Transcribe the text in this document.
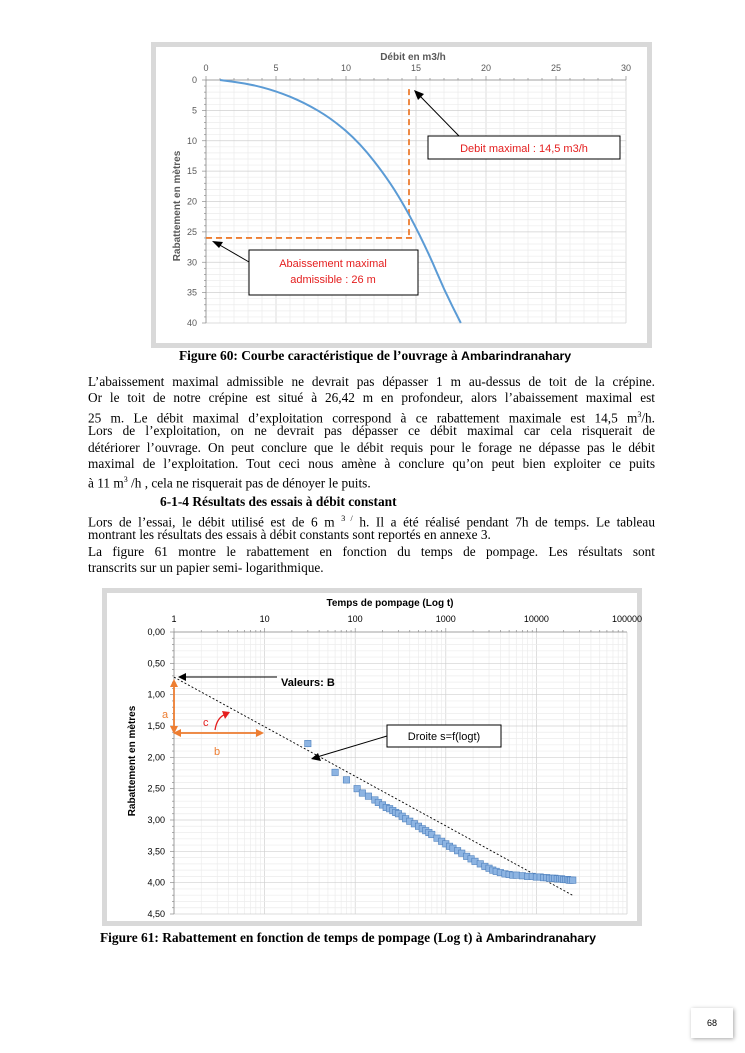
0	5	10	15	20	25	30
0
5
10
15
20
25
30
35
40
Débit en m3/h
Rabattement en mètres
Debit maximal : 14,5 m3/h
Abaissement maximal
admissible : 26 m
Figure 60: Courbe caractéristique de l’ouvrage à Ambarindranahary
L’abaissement maximal admissible ne devrait pas dépasser 1 m au-dessus de toit de la crépine.
Or le toit de notre crépine est situé à 26,42 m en profondeur, alors l’abaissement maximal est
25 m. Le débit maximal d’exploitation correspond à ce rabattement maximale est 14,5 $m^3/h$.
Lors de l’exploitation, on ne devrait pas dépasser ce débit maximal car cela risquerait de
détériorer l’ouvrage. On peut conclure que le débit requis pour le forage ne dépasse pas le débit
maximal de l’exploitation. Tout ceci nous amène à conclure qu’on peut bien exploiter ce puits
à 11 $m^3$ /h , cela ne risquerait pas de dénoyer le puits.
6-1-4 Résultats des essais à débit constant
Lors de l’essai, le débit utilisé est de 6 m $^{3 /}$ h. Il a été réalisé pendant 7h de temps. Le tableau
montrant les résultats des essais à débit constants sont reportés en annexe 3.
La figure 61 montre le rabattement en fonction du temps de pompage. Les résultats sont
transcrits sur un papier semi- logarithmique.
1	10	100	1000	10000	100000
0,00
0,50
1,00
1,50
2,00
2,50
3,00
3,50
4,00
4,50
Temps de pompage (Log t)
Rabattement en mètres
Valeurs: B
a
b
c
Droite s=f(logt)
Figure 61: Rabattement en fonction de temps de pompage (Log t) à Ambarindranahary
68
